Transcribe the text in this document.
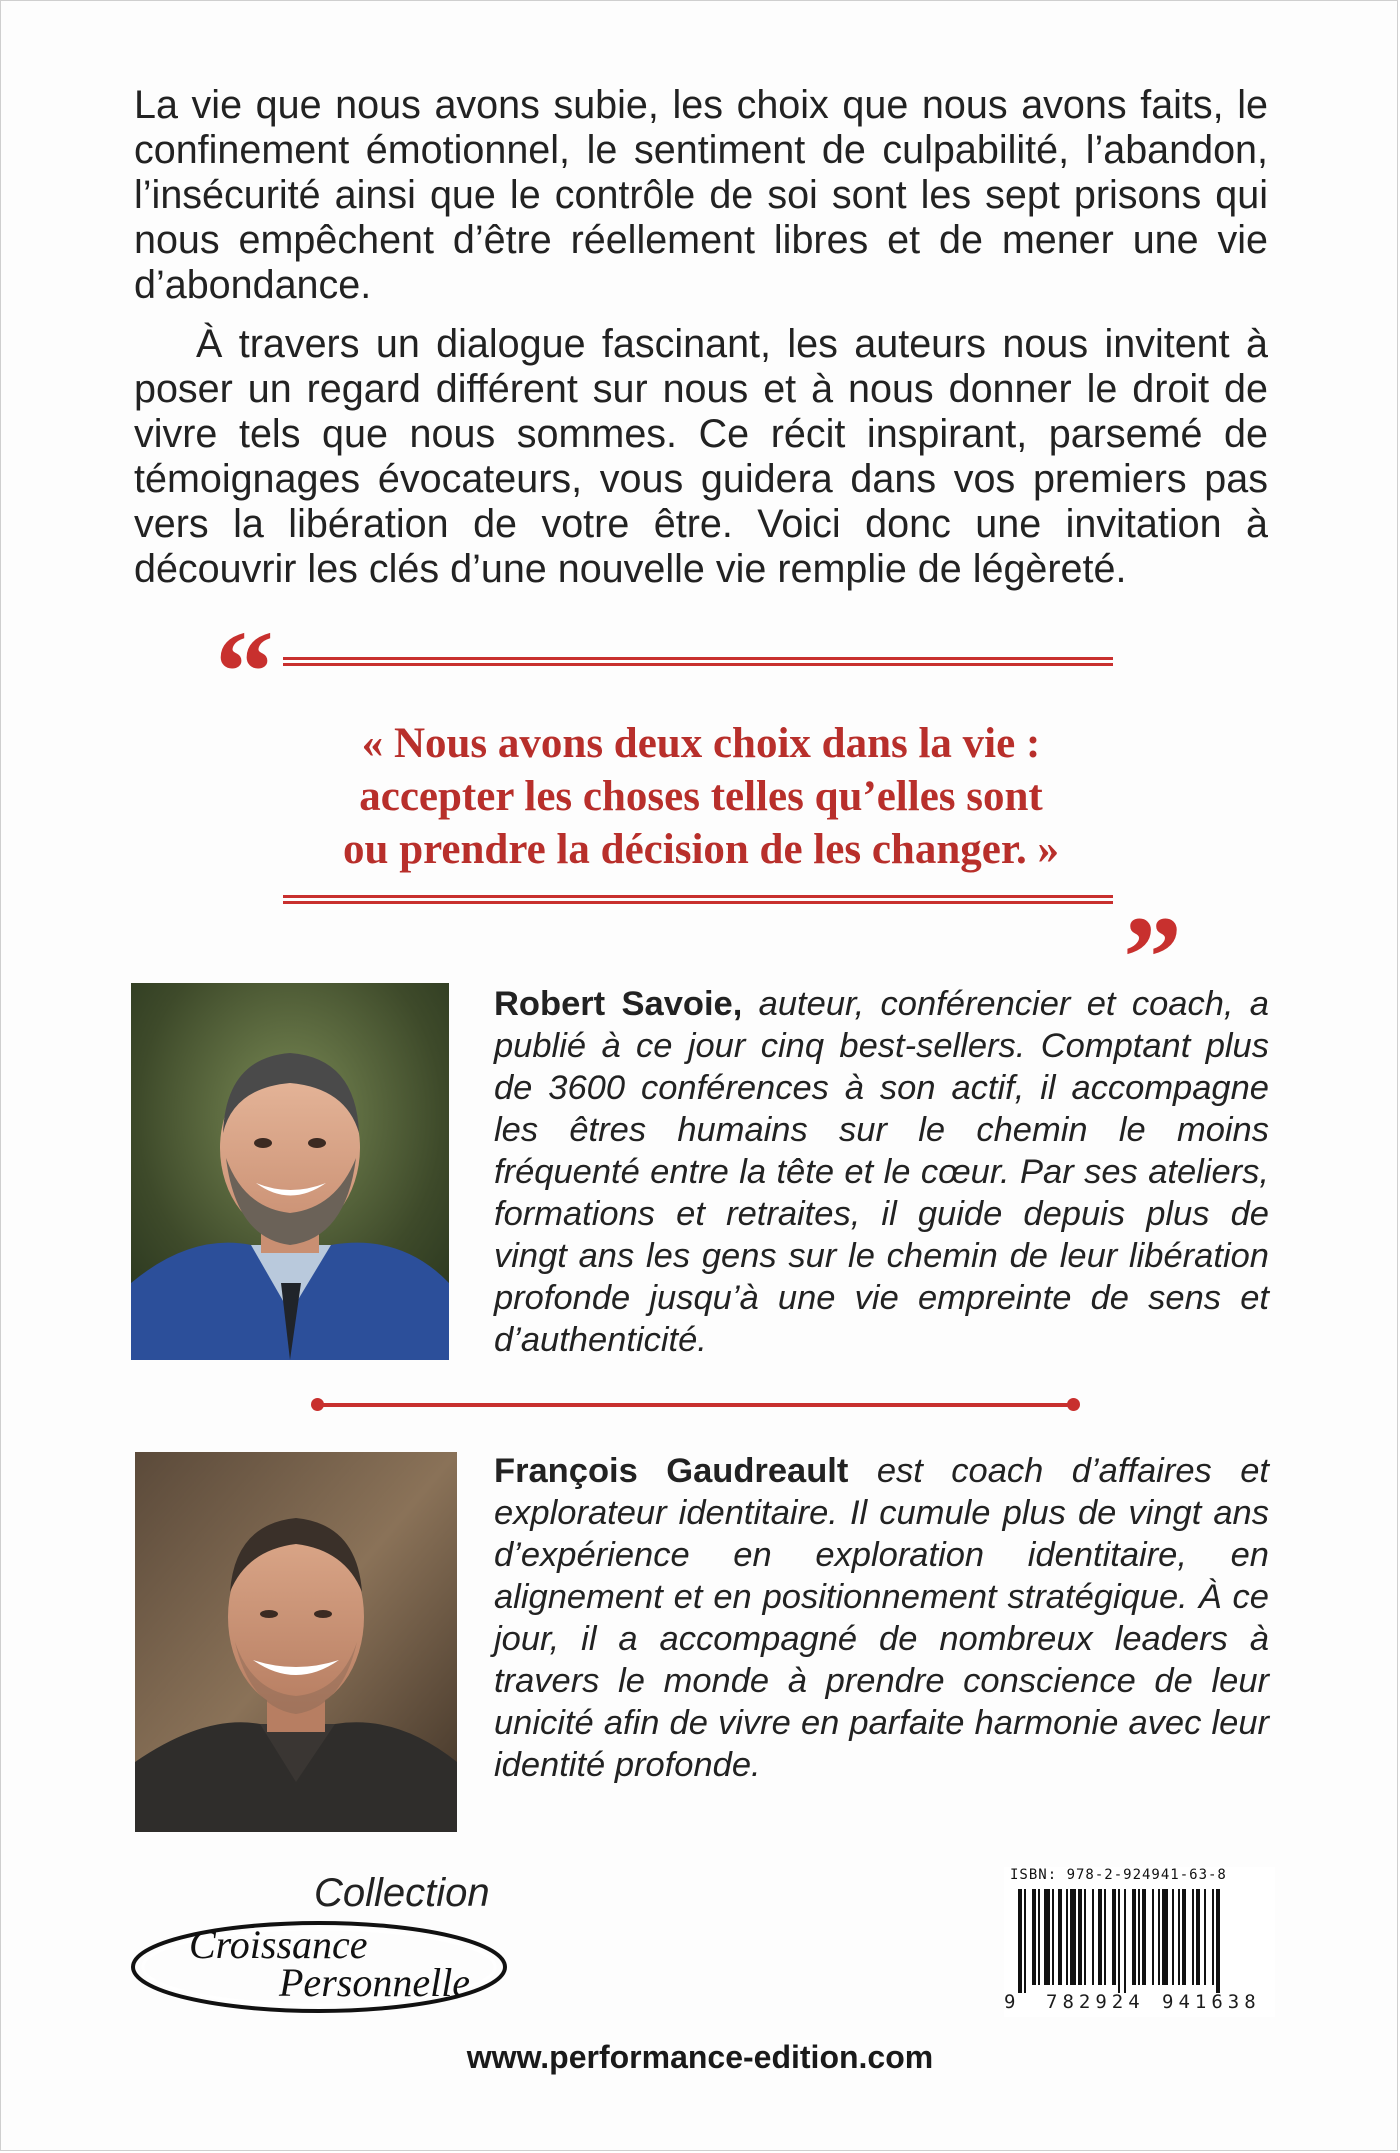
La vie que nous avons subie, les choix que nous avons faits, le confinement émotionnel, le sentiment de culpabilité, l’abandon, l’insécurité ainsi que le contrôle de soi sont les sept prisons qui nous empêchent d’être réellement libres et de mener une vie d’abondance.

À travers un dialogue fascinant, les auteurs nous invitent à poser un regard différent sur nous et à nous donner le droit de vivre tels que nous sommes. Ce récit inspirant, parsemé de témoignages évocateurs, vous guidera dans vos premiers pas vers la libération de votre être. Voici donc une invitation à découvrir les clés d’une nouvelle vie remplie de légèreté.

“
« Nous avons deux choix dans la vie :
accepter les choses telles qu’elles sont
ou prendre la décision de les changer. »
”
Robert Savoie, auteur, conférencier et coach, a publié à ce jour cinq best-sellers. Comptant plus de 3600 conférences à son actif, il accompagne les êtres humains sur le chemin le moins fréquenté entre la tête et le cœur. Par ses ateliers, formations et retraites, il guide depuis plus de vingt ans les gens sur le chemin de leur libération profonde jusqu’à une vie empreinte de sens et d’authenticité.
François Gaudreault est coach d’affaires et explorateur identitaire. Il cumule plus de vingt ans d’expérience en exploration identitaire, en alignement et en positionnement stratégique. À ce jour, il a accompagné de nombreux leaders à travers le monde à prendre conscience de leur unicité afin de vivre en parfaite harmonie avec leur identité profonde.
Collection
Croissance
Personnelle
ISBN: 978-2-924941-63-8
9 782924 941638
www.performance-edition.com
